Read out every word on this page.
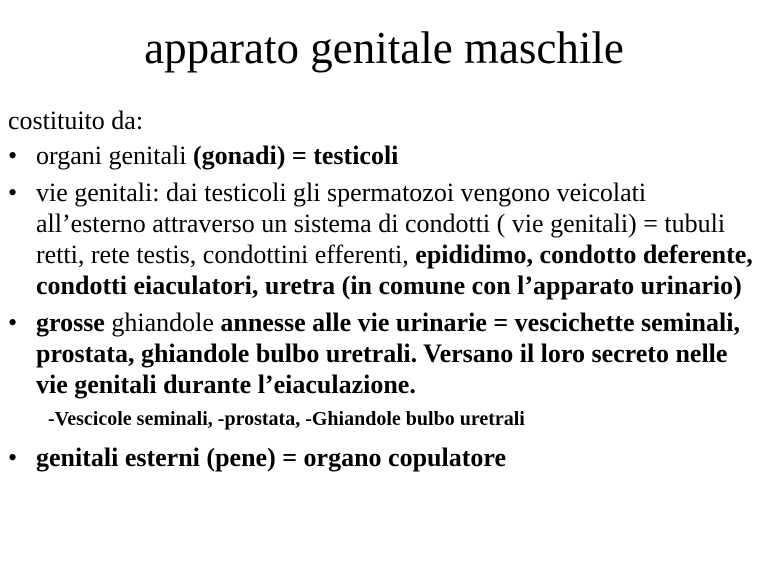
apparato genitale maschile
costituito da:
• organi genitali (gonadi) = testicoli
• vie genitali: dai testicoli gli spermatozoi vengono veicolati all’esterno attraverso un sistema di condotti ( vie genitali) = tubuli retti, rete testis, condottini efferenti, epididimo, condotto deferente, condotti eiaculatori, uretra (in comune con l’apparato urinario)
• grosse ghiandole annesse alle vie urinarie = vescichette seminali, prostata, ghiandole bulbo uretrali. Versano il loro secreto nelle vie genitali durante l’eiaculazione.
-Vescicole seminali, -prostata, -Ghiandole bulbo uretrali
• genitali esterni (pene) = organo copulatore
